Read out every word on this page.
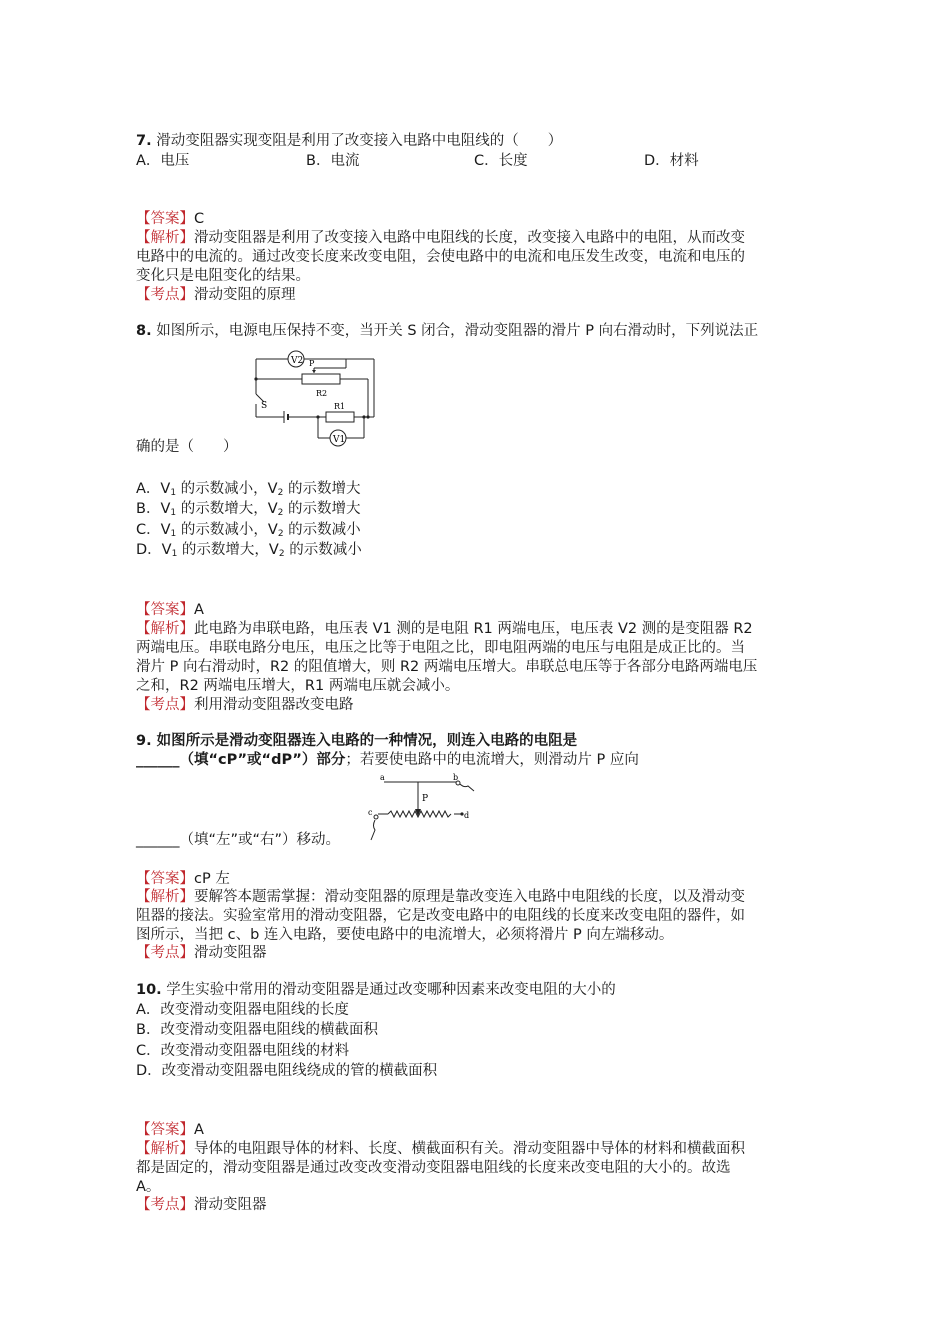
7. 滑动变阻器实现变阻是利用了改变接入电路中电阻线的（　　）
A．电压	B．电流	C．长度	D．材料
【答案】C
【解析】滑动变阻器是利用了改变接入电路中电阻线的长度，改变接入电路中的电阻，从而改变
电路中的电流的。通过改变长度来改变电阻，会使电路中的电流和电压发生改变，电流和电压的
变化只是电阻变化的结果。
【考点】滑动变阻的原理
8. 如图所示，电源电压保持不变，当开关 S 闭合，滑动变阻器的滑片 P 向右滑动时，下列说法正
V2 P
R2
S	R1
V1
确的是（　　）
A．$V_1$ 的示数减小，$V_2$ 的示数增大
B．$V_1$ 的示数增大，$V_2$ 的示数增大
C．$V_1$ 的示数减小，$V_2$ 的示数减小
D．$V_1$ 的示数增大，$V_2$ 的示数减小
【答案】A
【解析】此电路为串联电路，电压表 V1 测的是电阻 R1 两端电压，电压表 V2 测的是变阻器 R2
两端电压。串联电路分电压，电压之比等于电阻之比，即电阻两端的电压与电阻是成正比的。当
滑片 P 向右滑动时，R2 的阻值增大，则 R2 两端电压增大。串联总电压等于各部分电路两端电压
之和，R2 两端电压增大，R1 两端电压就会减小。
【考点】利用滑动变阻器改变电路
9. 如图所示是滑动变阻器连入电路的一种情况，则连入电路的电阻是
______（填“cP”或“dP”）部分；若要使电路中的电流增大，则滑动片 P 应向
a	b
P
c	d
______（填“左”或“右”）移动。
【答案】cP 左
【解析】要解答本题需掌握：滑动变阻器的原理是靠改变连入电路中电阻线的长度，以及滑动变
阻器的接法。实验室常用的滑动变阻器，它是改变电路中的电阻线的长度来改变电阻的器件，如
图所示，当把 c、b 连入电路，要使电路中的电流增大，必须将滑片 P 向左端移动。
【考点】滑动变阻器
10. 学生实验中常用的滑动变阻器是通过改变哪种因素来改变电阻的大小的
A．改变滑动变阻器电阻线的长度
B．改变滑动变阻器电阻线的横截面积
C．改变滑动变阻器电阻线的材料
D．改变滑动变阻器电阻线绕成的管的横截面积
【答案】A
【解析】导体的电阻跟导体的材料、长度、横截面积有关。滑动变阻器中导体的材料和横截面积
都是固定的，滑动变阻器是通过改变改变滑动变阻器电阻线的长度来改变电阻的大小的。故选
A。
【考点】滑动变阻器
